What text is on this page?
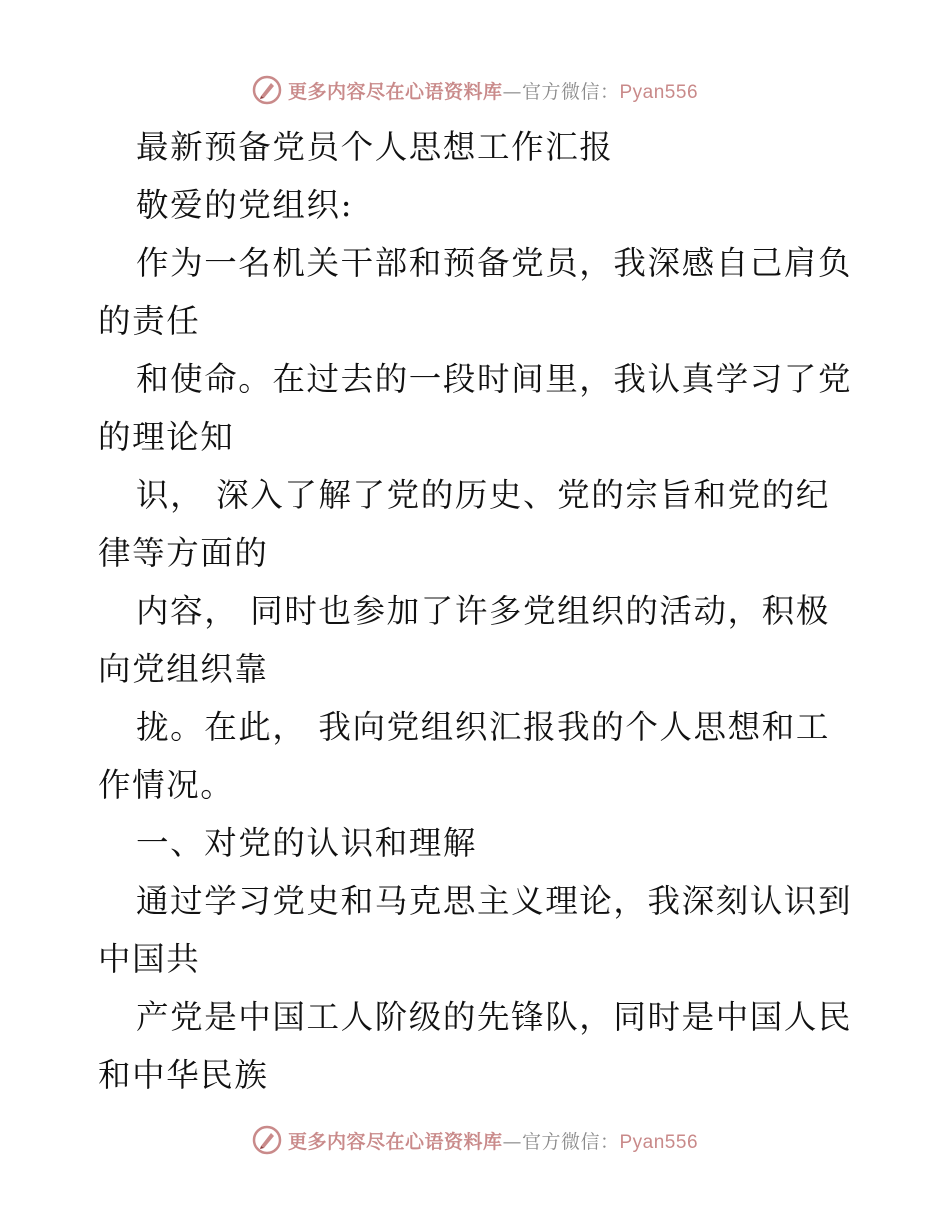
更多内容尽在心语资料库—官方微信：Pyan556
最新预备党员个人思想工作汇报
敬爱的党组织:
作为一名机关干部和预备党员，我深感自己肩负
的责任
和使命。在过去的一段时间里，我认真学习了党
的理论知
识， 深入了解了党的历史、党的宗旨和党的纪
律等方面的
内容， 同时也参加了许多党组织的活动，积极
向党组织靠
拢。在此， 我向党组织汇报我的个人思想和工
作情况。
一、对党的认识和理解
通过学习党史和马克思主义理论，我深刻认识到
中国共
产党是中国工人阶级的先锋队，同时是中国人民
和中华民族
更多内容尽在心语资料库—官方微信：Pyan556
